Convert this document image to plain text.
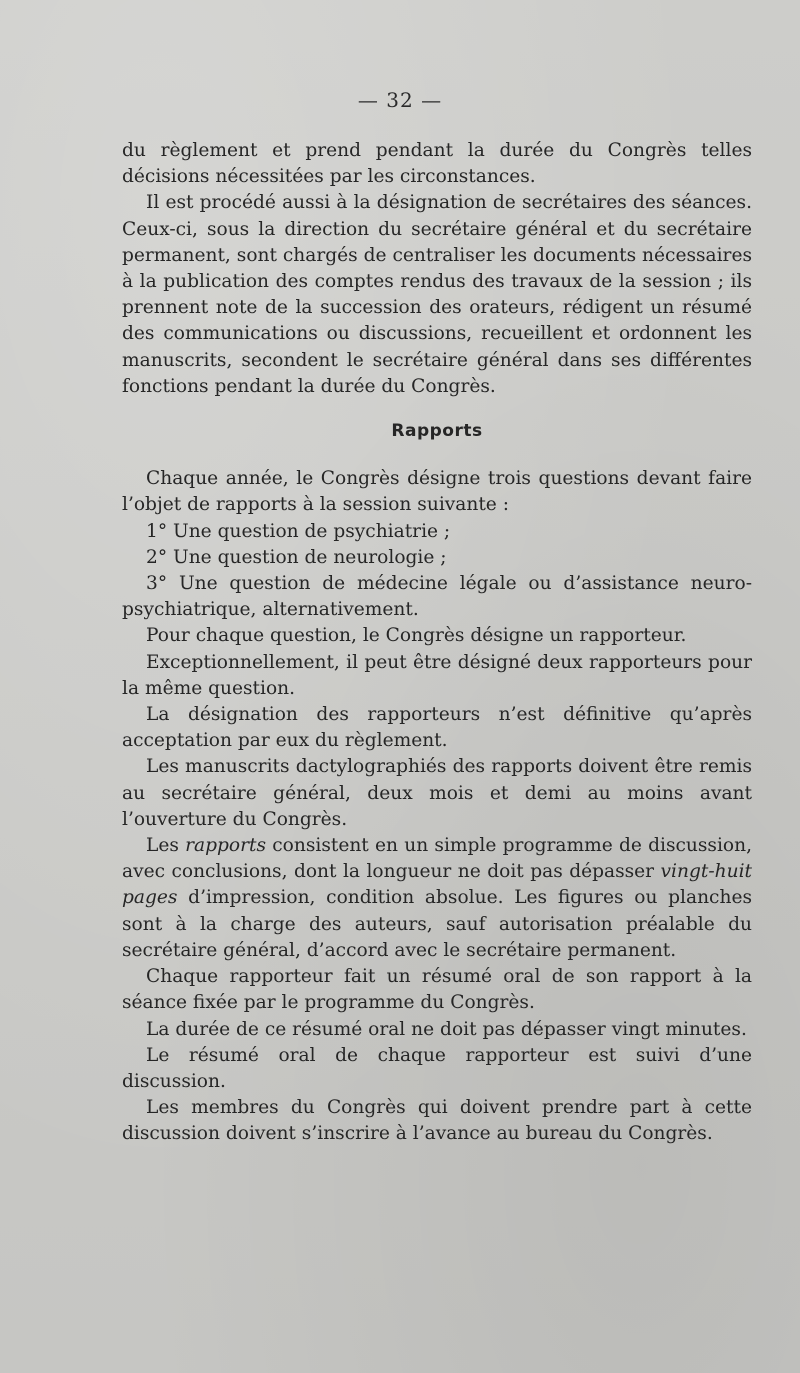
— 32 —

du règlement et prend pendant la durée du Congrès telles décisions nécessitées par les circonstances.

Il est procédé aussi à la désignation de secrétaires des séances. Ceux-ci, sous la direction du secrétaire général et du secrétaire permanent, sont chargés de centraliser les documents nécessaires à la publication des comptes rendus des travaux de la session ; ils prennent note de la succession des orateurs, rédigent un résumé des communications ou discussions, recueillent et ordonnent les manuscrits, secondent le secrétaire général dans ses différentes fonctions pendant la durée du Congrès.

Rapports

Chaque année, le Congrès désigne trois questions devant faire l’objet de rapports à la session suivante :

1° Une question de psychiatrie ;

2° Une question de neurologie ;

3° Une question de médecine légale ou d’assistance neuro-psychiatrique, alternativement.

Pour chaque question, le Congrès désigne un rapporteur.

Exceptionnellement, il peut être désigné deux rapporteurs pour la même question.

La désignation des rapporteurs n’est définitive qu’après acceptation par eux du règlement.

Les manuscrits dactylographiés des rapports doivent être remis au secrétaire général, deux mois et demi au moins avant l’ouverture du Congrès.

Les rapports consistent en un simple programme de discussion, avec conclusions, dont la longueur ne doit pas dépasser vingt-huit pages d’impression, condition absolue. Les figures ou planches sont à la charge des auteurs, sauf autorisation préalable du secrétaire général, d’accord avec le secrétaire permanent.

Chaque rapporteur fait un résumé oral de son rapport à la séance fixée par le programme du Congrès.

La durée de ce résumé oral ne doit pas dépasser vingt minutes.

Le résumé oral de chaque rapporteur est suivi d’une discussion.

Les membres du Congrès qui doivent prendre part à cette discussion doivent s’inscrire à l’avance au bureau du Congrès.
